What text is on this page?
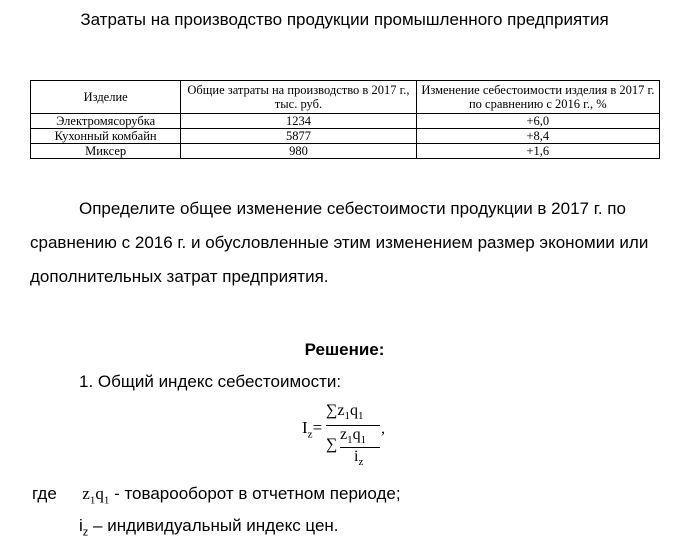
Затраты на производство продукции промышленного предприятия
Изделие	Общие затраты на производство в 2017 г., тыс. руб.	Изменение себестоимости изделия в 2017 г. по сравнению с 2016 г., %
Электромясорубка	1234	+6,0
Кухонный комбайн	5877	+8,4
Миксер	980	+1,6
Определите общее изменение себестоимости продукции в 2017 г. по
сравнению с 2016 г. и обусловленные этим изменением размер экономии или
дополнительных затрат предприятия.
Решение:
1. Общий индекс себестоимости:
$I_z=$
$\sum z_1q_1$
∑
$z_1q_1$
$i_z$
,
где $z_1q_1$ - товарооборот в отчетном периоде;
$i_z$ – индивидуальный индекс цен.
